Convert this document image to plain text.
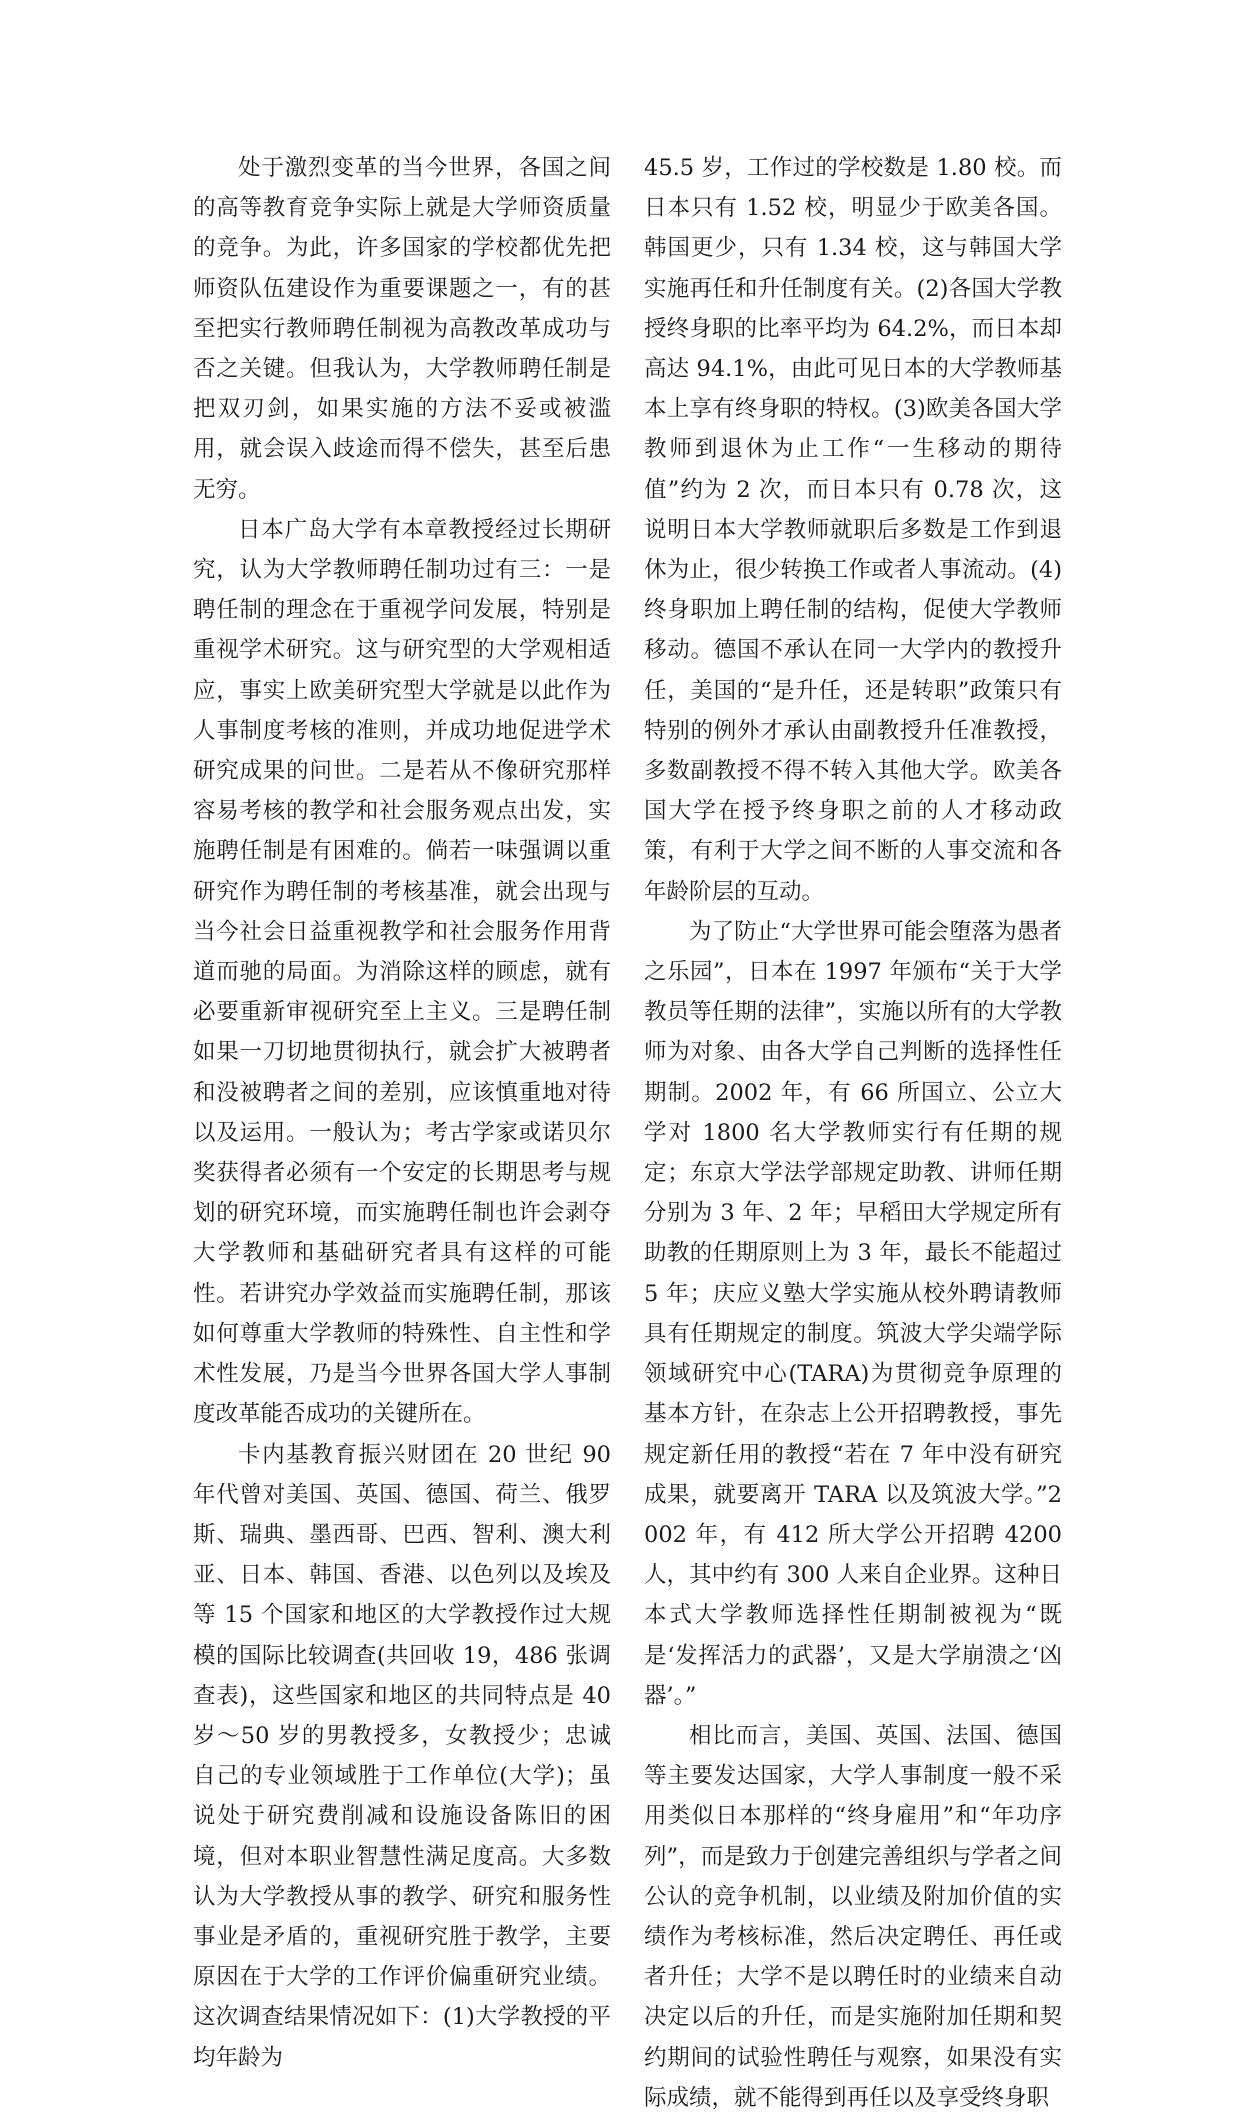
处于激烈变革的当今世界，各国之间的高等教育竞争实际上就是大学师资质量的竞争。为此，许多国家的学校都优先把师资队伍建设作为重要课题之一，有的甚至把实行教师聘任制视为高教改革成功与否之关键。但我认为，大学教师聘任制是把双刃剑，如果实施的方法不妥或被滥用，就会误入歧途而得不偿失，甚至后患无穷。

日本广岛大学有本章教授经过长期研究，认为大学教师聘任制功过有三：一是聘任制的理念在于重视学问发展，特别是重视学术研究。这与研究型的大学观相适应，事实上欧美研究型大学就是以此作为人事制度考核的准则，并成功地促进学术研究成果的问世。二是若从不像研究那样容易考核的教学和社会服务观点出发，实施聘任制是有困难的。倘若一味强调以重研究作为聘任制的考核基准，就会出现与当今社会日益重视教学和社会服务作用背道而驰的局面。为消除这样的顾虑，就有必要重新审视研究至上主义。三是聘任制如果一刀切地贯彻执行，就会扩大被聘者和没被聘者之间的差别，应该慎重地对待以及运用。一般认为；考古学家或诺贝尔奖获得者必须有一个安定的长期思考与规划的研究环境，而实施聘任制也许会剥夺大学教师和基础研究者具有这样的可能性。若讲究办学效益而实施聘任制，那该如何尊重大学教师的特殊性、自主性和学术性发展，乃是当今世界各国大学人事制度改革能否成功的关键所在。

卡内基教育振兴财团在 20 世纪 90 年代曾对美国、英国、德国、荷兰、俄罗斯、瑞典、墨西哥、巴西、智利、澳大利亚、日本、韩国、香港、以色列以及埃及等 15 个国家和地区的大学教授作过大规模的国际比较调查(共回收 19，486 张调查表)，这些国家和地区的共同特点是 40 岁～50 岁的男教授多，女教授少；忠诚自己的专业领域胜于工作单位(大学)；虽说处于研究费削减和设施设备陈旧的困境，但对本职业智慧性满足度高。大多数认为大学教授从事的教学、研究和服务性事业是矛盾的，重视研究胜于教学，主要原因在于大学的工作评价偏重研究业绩。这次调查结果情况如下：(1)大学教授的平均年龄为

45.5 岁，工作过的学校数是 1.80 校。而日本只有 1.52 校，明显少于欧美各国。韩国更少，只有 1.34 校，这与韩国大学实施再任和升任制度有关。(2)各国大学教授终身职的比率平均为 64.2%，而日本却高达 94.1%，由此可见日本的大学教师基本上享有终身职的特权。(3)欧美各国大学教师到退休为止工作“一生移动的期待值”约为 2 次，而日本只有 0.78 次，这说明日本大学教师就职后多数是工作到退休为止，很少转换工作或者人事流动。(4)终身职加上聘任制的结构，促使大学教师移动。德国不承认在同一大学内的教授升任，美国的“是升任，还是转职”政策只有特别的例外才承认由副教授升任准教授，多数副教授不得不转入其他大学。欧美各国大学在授予终身职之前的人才移动政策，有利于大学之间不断的人事交流和各年龄阶层的互动。

为了防止“大学世界可能会堕落为愚者之乐园”，日本在 1997 年颁布“关于大学教员等任期的法律”，实施以所有的大学教师为对象、由各大学自己判断的选择性任期制。2002 年，有 66 所国立、公立大学对 1800 名大学教师实行有任期的规定；东京大学法学部规定助教、讲师任期分别为 3 年、2 年；早稻田大学规定所有助教的任期原则上为 3 年，最长不能超过 5 年；庆应义塾大学实施从校外聘请教师具有任期规定的制度。筑波大学尖端学际领域研究中心(TARA)为贯彻竞争原理的基本方针，在杂志上公开招聘教授，事先规定新任用的教授“若在 7 年中没有研究成果，就要离开 TARA 以及筑波大学。”2002 年，有 412 所大学公开招聘 4200 人，其中约有 300 人来自企业界。这种日本式大学教师选择性任期制被视为“既是‘发挥活力的武器’，又是大学崩溃之‘凶器’。”

相比而言，美国、英国、法国、德国等主要发达国家，大学人事制度一般不采用类似日本那样的“终身雇用”和“年功序列”，而是致力于创建完善组织与学者之间公认的竞争机制，以业绩及附加价值的实绩作为考核标准，然后决定聘任、再任或者升任；大学不是以聘任时的业绩来自动决定以后的升任，而是实施附加任期和契约期间的试验性聘任与观察，如果没有实际成绩，就不能得到再任以及享受终身职
